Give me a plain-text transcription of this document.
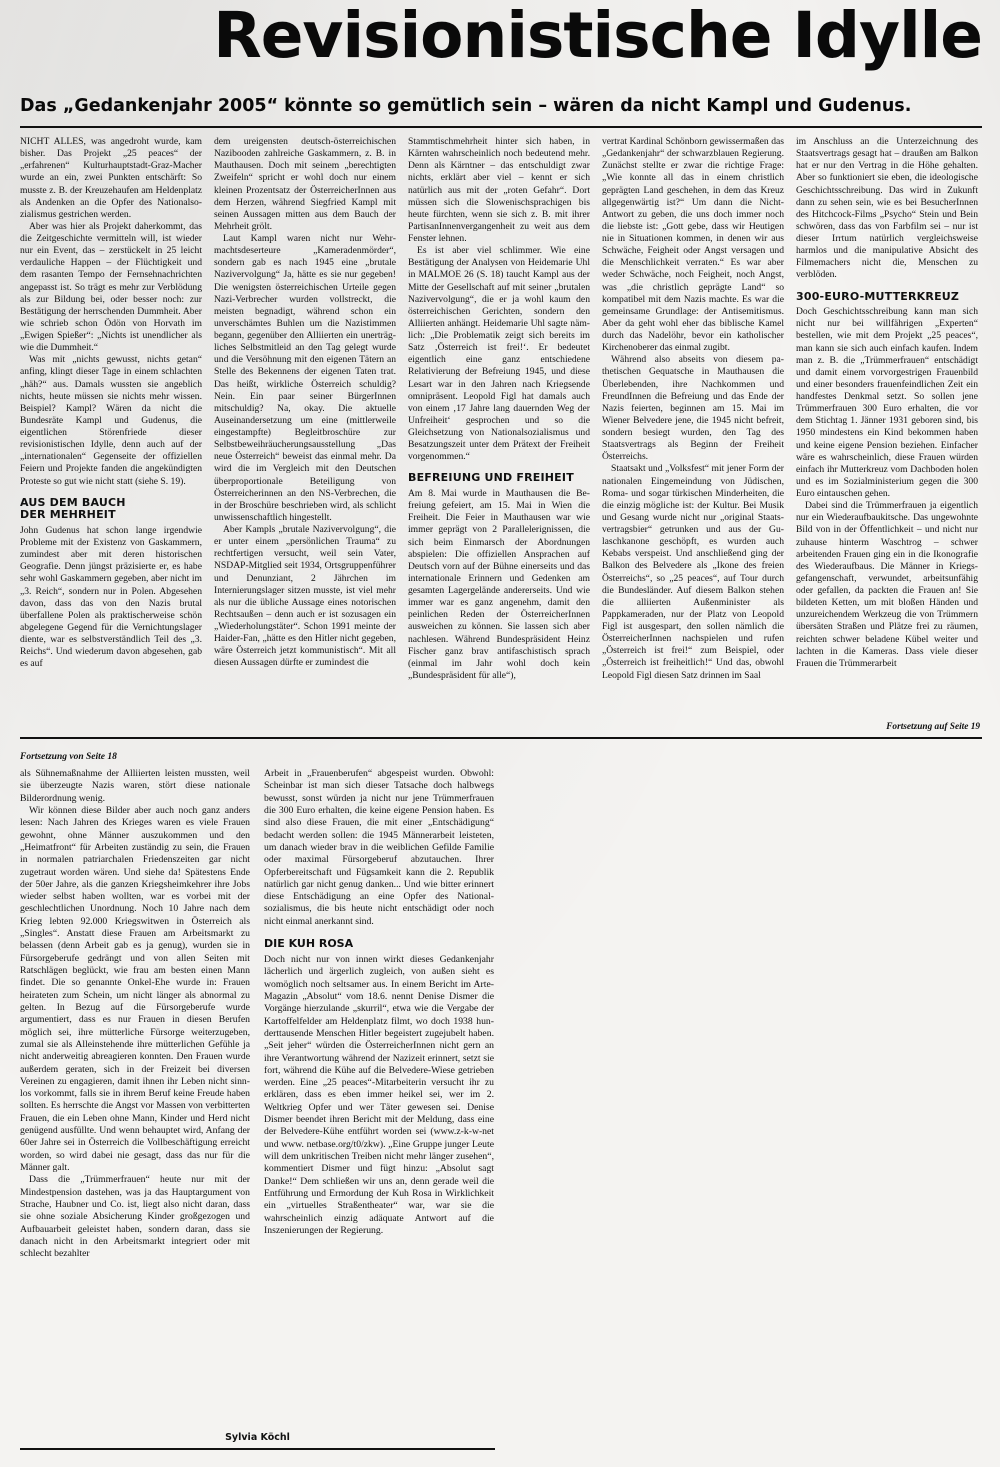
Revisionistische Idylle
Das „Gedankenjahr 2005“ könnte so gemütlich sein – wären da nicht Kampl und Gudenus.

NICHT ALLES, was angedroht wurde, kam bisher. Das Projekt „25 peaces“ der „erfahrenen“ Kulturhauptstadt-Graz-Macher wurde an ein, zwei Punkten entschärft: So musste z. B. der Kreuzehaufen am Heldenplatz als Andenken an die Opfer des Nationalsozialismus gestrichen werden.

Aber was hier als Projekt daherkommt, das die Zeitgeschichte vermitteln will, ist wieder nur ein Event, das – zerstückelt in 25 leicht verdauliche Happen – der Flüchtigkeit und dem rasanten Tempo der Fernsehnachrichten angepasst ist. So trägt es mehr zur Verblödung als zur Bildung bei, oder besser noch: zur Bestätigung der herrschenden Dummheit. Aber wie schrieb schon Ödön von Horvath im „Ewigen Spießer“: „Nichts ist unendlicher als wie die Dummheit.“

Was mit „nichts gewusst, nichts getan“ anfing, klingt dieser Tage in einem schlachten „häh?“ aus. Damals wussten sie angeblich nichts, heute müssen sie nichts mehr wissen. Beispiel? Kampl? Wären da nicht die Bundesräte Kampl und Gudenus, die eigentlichen Störenfriede dieser revisionistischen Idylle, denn auch auf der „internationalen“ Gegenseite der offiziellen Feiern und Projekte fanden die angekündigten Proteste so gut wie nicht statt (siehe S. 19).

AUS DEM BAUCH
DER MEHRHEIT

John Gudenus hat schon lange irgendwie Probleme mit der Existenz von Gaskammern, zumindest aber mit deren historischen Geografie. Denn jüngst präzisierte er, es habe sehr wohl Gaskammern gegeben, aber nicht im „3. Reich“, sondern nur in Polen. Abgesehen davon, dass das von den Nazis brutal überfallene Polen als praktischerweise schön abgelegene Gegend für die Vernichtungslager diente, war es selbstverständlich Teil des „3. Reichs“. Und wiederum davon abgesehen, gab es auf

dem ureigensten deutsch-österreichischen Nazibooden zahlreiche Gaskammern, z. B. in Mauthausen. Doch mit seinem „berechtigten Zweifeln“ spricht er wohl doch nur einem kleinen Prozentsatz der ÖsterreicherInnen aus dem Herzen, während Siegfried Kampl mit seinen Aussagen mitten aus dem Bauch der Mehrheit grölt.

Laut Kampl waren nicht nur Wehrmachtsdeserteure „Kameradenmörder“, sondern gab es nach 1945 eine „brutale Nazivervolgung“ Ja, hätte es sie nur gegeben! Die wenigsten österreichischen Urteile gegen Nazi-Verbrecher wurden vollstreckt, die meisten begnadigt, während schon ein unverschämtes Buhlen um die Nazistimmen begann, gegenüber den Alliierten ein unerträgliches Selbstmitleid an den Tag gelegt wurde und die Versöhnung mit den eigenen Tätern an Stelle des Bekennens der eigenen Taten trat. Das heißt, wirkliche Österreich schuldig? Nein. Ein paar seiner BürgerInnen mitschuldig? Na, okay. Die aktuelle Auseinandersetzung um eine (mittlerweile eingestampfte) Begleitbroschüre zur Selbstbeweihräucherungsausstellung „Das neue Österreich“ beweist das einmal mehr. Da wird die im Vergleich mit den Deutschen überproportionale Beteiligung von Österreicherinnen an den NS-Verbrechen, die in der Broschüre beschrieben wird, als schlicht unwissenschaftlich hingestellt.

Aber Kampls „brutale Nazivervolgung“, die er unter einem „persönlichen Trauma“ zu rechtfertigen versucht, weil sein Vater, NSDAP-Mitglied seit 1934, Ortsgruppenführer und Denunziant, 2 Jährchen im Internierungslager sitzen musste, ist viel mehr als nur die übliche Aussage eines notorischen Rechtsaußen – denn auch er ist sozusagen ein „Wiederholungstäter“. Schon 1991 meinte der Haider-Fan, „hätte es den Hitler nicht gegeben, wäre Österreich jetzt kommunistisch“. Mit all diesen Aussagen dürfte er zumindest die

Stammtischmehrheit hinter sich haben, in Kärnten wahrscheinlich noch bedeutend mehr. Denn als Kärntner – das entschuldigt zwar nichts, erklärt aber viel – kennt er sich natürlich aus mit der „roten Gefahr“. Dort müssen sich die Slowenischsprachigen bis heute fürchten, wenn sie sich z. B. mit ihrer PartisanInnenvergangenheit zu weit aus dem Fenster lehnen.

Es ist aber viel schlimmer. Wie eine Bestätigung der Analysen von Heidemarie Uhl in MALMOE 26 (S. 18) taucht Kampl aus der Mitte der Gesellschaft auf mit seiner „brutalen Nazivervolgung“, die er ja wohl kaum den österreichischen Gerichten, sondern den Alliierten anhängt. Heidemarie Uhl sagte nämlich: „Die Problematik zeigt sich bereits im Satz ‚Österreich ist frei!‘. Er bedeutet eigentlich eine ganz entschiedene Relativierung der Befreiung 1945, und diese Lesart war in den Jahren nach Kriegsende omnipräsent. Leopold Figl hat damals auch von einem ‚17 Jahre lang dauernden Weg der Unfreiheit‘ gesprochen und so die Gleichsetzung von Nationalsozialismus und Besatzungszeit unter dem Prätext der Freiheit vorgenommen.“

BEFREIUNG UND FREIHEIT

Am 8. Mai wurde in Mauthausen die Befreiung gefeiert, am 15. Mai in Wien die Freiheit. Die Feier in Mauthausen war wie immer geprägt von 2 Parallelerignissen, die sich beim Einmarsch der Abordnungen abspielen: Die offiziellen Ansprachen auf Deutsch vorn auf der Bühne einerseits und das internationale Erinnern und Gedenken am gesamten Lagergelände andererseits. Und wie immer war es ganz angenehm, damit den peinlichen Reden der ÖsterreicherInnen ausweichen zu können. Sie lassen sich aber nachlesen. Während Bundespräsident Heinz Fischer ganz brav antifaschistisch sprach (einmal im Jahr wohl doch kein „Bundespräsident für alle“),

vertrat Kardinal Schönborn gewissermaßen das „Gedankenjahr“ der schwarzblauen Regierung. Zunächst stellte er zwar die richtige Frage: „Wie konnte all das in einem christlich geprägten Land geschehen, in dem das Kreuz allgegenwärtig ist?“ Um dann die Nicht-Antwort zu geben, die uns doch immer noch die liebste ist: „Gott gebe, dass wir Heutigen nie in Situationen kommen, in denen wir aus Schwäche, Feigheit oder Angst versagen und die Menschlichkeit verraten.“ Es war aber weder Schwäche, noch Feigheit, noch Angst, was „die christlich geprägte Land“ so kompatibel mit dem Nazis machte. Es war die gemeinsame Grundlage: der Antisemitismus. Aber da geht wohl eher das biblische Kamel durch das Nadelöhr, bevor ein katholischer Kirchenoberer das einmal zugibt.

Während also abseits von diesem pathetischen Gequatsche in Mauthausen die Überlebenden, ihre Nachkommen und FreundInnen die Befreiung und das Ende der Nazis feierten, beginnen am 15. Mai im Wiener Belvedere jene, die 1945 nicht befreit, sondern besiegt wurden, den Tag des Staatsvertrags als Beginn der Freiheit Österreichs.

Staatsakt und „Volksfest“ mit jener Form der nationalen Eingemeindung von Jüdischen, Roma- und sogar türkischen Minderheiten, die die einzig mögliche ist: der Kultur. Bei Musik und Gesang wurde nicht nur „original Staatsvertragsbier“ getrunken und aus der Gulaschkanone geschöpft, es wurden auch Kebabs verspeist. Und anschließend ging der Balkon des Belvedere als „Ikone des freien Österreichs“, so „25 peaces“, auf Tour durch die Bundesländer. Auf diesem Balkon stehen die alliierten Außenminister als Pappkameraden, nur der Platz von Leopold Figl ist ausgespart, den sollen nämlich die ÖsterreicherInnen nachspielen und rufen „Österreich ist frei!“ zum Beispiel, oder „Österreich ist freiheitlich!“ Und das, obwohl Leopold Figl diesen Satz drinnen im Saal

im Anschluss an die Unterzeichnung des Staatsvertrags gesagt hat – draußen am Balkon hat er nur den Vertrag in die Höhe gehalten. Aber so funktioniert sie eben, die ideologische Geschichtsschreibung. Das wird in Zukunft dann zu sehen sein, wie es bei BesucherInnen des Hitchcock-Films „Psycho“ Stein und Bein schwören, dass das von Farbfilm sei – nur ist dieser Irrtum natürlich vergleichsweise harmlos und die manipulative Absicht des Filmemachers nicht die, Menschen zu verblöden.

300-EURO-MUTTERKREUZ

Doch Geschichtsschreibung kann man sich nicht nur bei willfährigen „Experten“ bestellen, wie mit dem Projekt „25 peaces“, man kann sie sich auch einfach kaufen. Indem man z. B. die „Trümmerfrauen“ entschädigt und damit einem vorvorgestrigen Frauenbild und einer besonders frauenfeindlichen Zeit ein handfestes Denkmal setzt. So sollen jene Trümmerfrauen 300 Euro erhalten, die vor dem Stichtag 1. Jänner 1931 geboren sind, bis 1950 mindestens ein Kind bekommen haben und keine eigene Pension beziehen. Einfacher wäre es wahrscheinlich, diese Frauen würden einfach ihr Mutterkreuz vom Dachboden holen und es im Sozialministerium gegen die 300 Euro eintauschen gehen.

Dabei sind die Trümmerfrauen ja eigentlich nur ein Wiederaufbaukitsche. Das ungewohnte Bild von in der Öffentlichkeit – und nicht nur zuhause hinterm Waschtrog – schwer arbeitenden Frauen ging ein in die Ikonografie des Wiederaufbaus. Die Männer in Kriegsgefangenschaft, verwundet, arbeitsunfähig oder gefallen, da packten die Frauen an! Sie bildeten Ketten, um mit bloßen Händen und unzureichendem Werkzeug die von Trümmern übersäten Straßen und Plätze frei zu räumen, reichten schwer beladene Kübel weiter und lachten in die Kameras. Dass viele dieser Frauen die Trümmerarbeit

Fortsetzung auf Seite 19
Fortsetzung von Seite 18

als Sühnemaßnahme der Alliierten leisten mussten, weil sie überzeugte Nazis waren, stört diese nationale Bilderordnung wenig.

Wir können diese Bilder aber auch noch ganz anders lesen: Nach Jahren des Krieges waren es viele Frauen gewohnt, ohne Männer auszukommen und den „Heimatfront“ für Arbeiten zuständig zu sein, die Frauen in normalen patriarchalen Friedenszeiten gar nicht zugetraut worden wären. Und siehe da! Spätestens Ende der 50er Jahre, als die ganzen Kriegsheimkehrer ihre Jobs wieder selbst haben wollten, war es vorbei mit der geschlechtlichen Unordnung. Noch 10 Jahre nach dem Krieg lebten 92.000 Kriegswitwen in Österreich als „Singles“. Anstatt diese Frauen am Arbeitsmarkt zu belassen (denn Arbeit gab es ja genug), wurden sie in Fürsorgeberufe gedrängt und von allen Seiten mit Ratschlägen beglückt, wie frau am besten einen Mann findet. Die so genannte Onkel-Ehe wurde in: Frauen heirateten zum Schein, um nicht länger als abnormal zu gelten. In Bezug auf die Fürsorgeberufe wurde argumentiert, dass es nur Frauen in diesen Berufen möglich sei, ihre mütterliche Fürsorge weiterzugeben, zumal sie als Alleinstehende ihre mütterlichen Gefühle ja nicht anderweitig abreagieren konnten. Den Frauen wurde außerdem geraten, sich in der Freizeit bei diversen Vereinen zu engagieren, damit ihnen ihr Leben nicht sinnlos vorkommt, falls sie in ihrem Beruf keine Freude haben sollten. Es herrschte die Angst vor Massen von verbitterten Frauen, die ein Leben ohne Mann, Kinder und Herd nicht genügend ausfüllte. Und wenn behauptet wird, Anfang der 60er Jahre sei in Österreich die Vollbeschäftigung erreicht worden, so wird dabei nie gesagt, dass das nur für die Männer galt.

Dass die „Trümmerfrauen“ heute nur mit der Mindestpension dastehen, was ja das Hauptargument von Strache, Haubner und Co. ist, liegt also nicht daran, dass sie ohne soziale Absicherung Kinder großgezogen und Aufbauarbeit geleistet haben, sondern daran, dass sie danach nicht in den Arbeitsmarkt integriert oder mit schlecht bezahlter

Arbeit in „Frauenberufen“ abgespeist wurden. Obwohl: Scheinbar ist man sich dieser Tatsache doch halbwegs bewusst, sonst würden ja nicht nur jene Trümmerfrauen die 300 Euro erhalten, die keine eigene Pension haben. Es sind also diese Frauen, die mit einer „Entschädigung“ bedacht werden sollen: die 1945 Männerarbeit leisteten, um danach wieder brav in die weiblichen Gefilde Familie oder maximal Fürsorgeberuf abzutauchen. Ihrer Opferbereitschaft und Fügsamkeit kann die 2. Republik natürlich gar nicht genug danken... Und wie bitter erinnert diese Entschädigung an eine Opfer des Nationalsozialismus, die bis heute nicht entschädigt oder noch nicht einmal anerkannt sind.

DIE KUH ROSA

Doch nicht nur von innen wirkt dieses Gedankenjahr lächerlich und ärgerlich zugleich, von außen sieht es womöglich noch seltsamer aus. In einem Bericht im Arte-Magazin „Absolut“ vom 18.6. nennt Denise Dismer die Vorgänge hierzulande „skurril“, etwa wie die Vergabe der Kartoffelfelder am Heldenplatz filmt, wo doch 1938 hunderttausende Menschen Hitler begeistert zugejubelt haben. „Seit jeher“ würden die ÖsterreicherInnen nicht gern an ihre Verantwortung während der Nazizeit erinnert, setzt sie fort, während die Kühe auf die Belvedere-Wiese getrieben werden. Eine „25 peaces“-Mitarbeiterin versucht ihr zu erklären, dass es eben immer heikel sei, wer im 2. Weltkrieg Opfer und wer Täter gewesen sei. Denise Dismer beendet ihren Bericht mit der Meldung, dass eine der Belvedere-Kühe entführt worden sei (www.z-k-w-net und www. netbase.org/t0/zkw). „Eine Gruppe junger Leute will dem unkritischen Treiben nicht mehr länger zusehen“, kommentiert Dismer und fügt hinzu: „Absolut sagt Danke!“ Dem schließen wir uns an, denn gerade weil die Entführung und Ermordung der Kuh Rosa in Wirklichkeit ein „virtuelles Straßentheater“ war, war sie die wahrscheinlich einzig adäquate Antwort auf die Inszenierungen der Regierung.

Sylvia Köchl
